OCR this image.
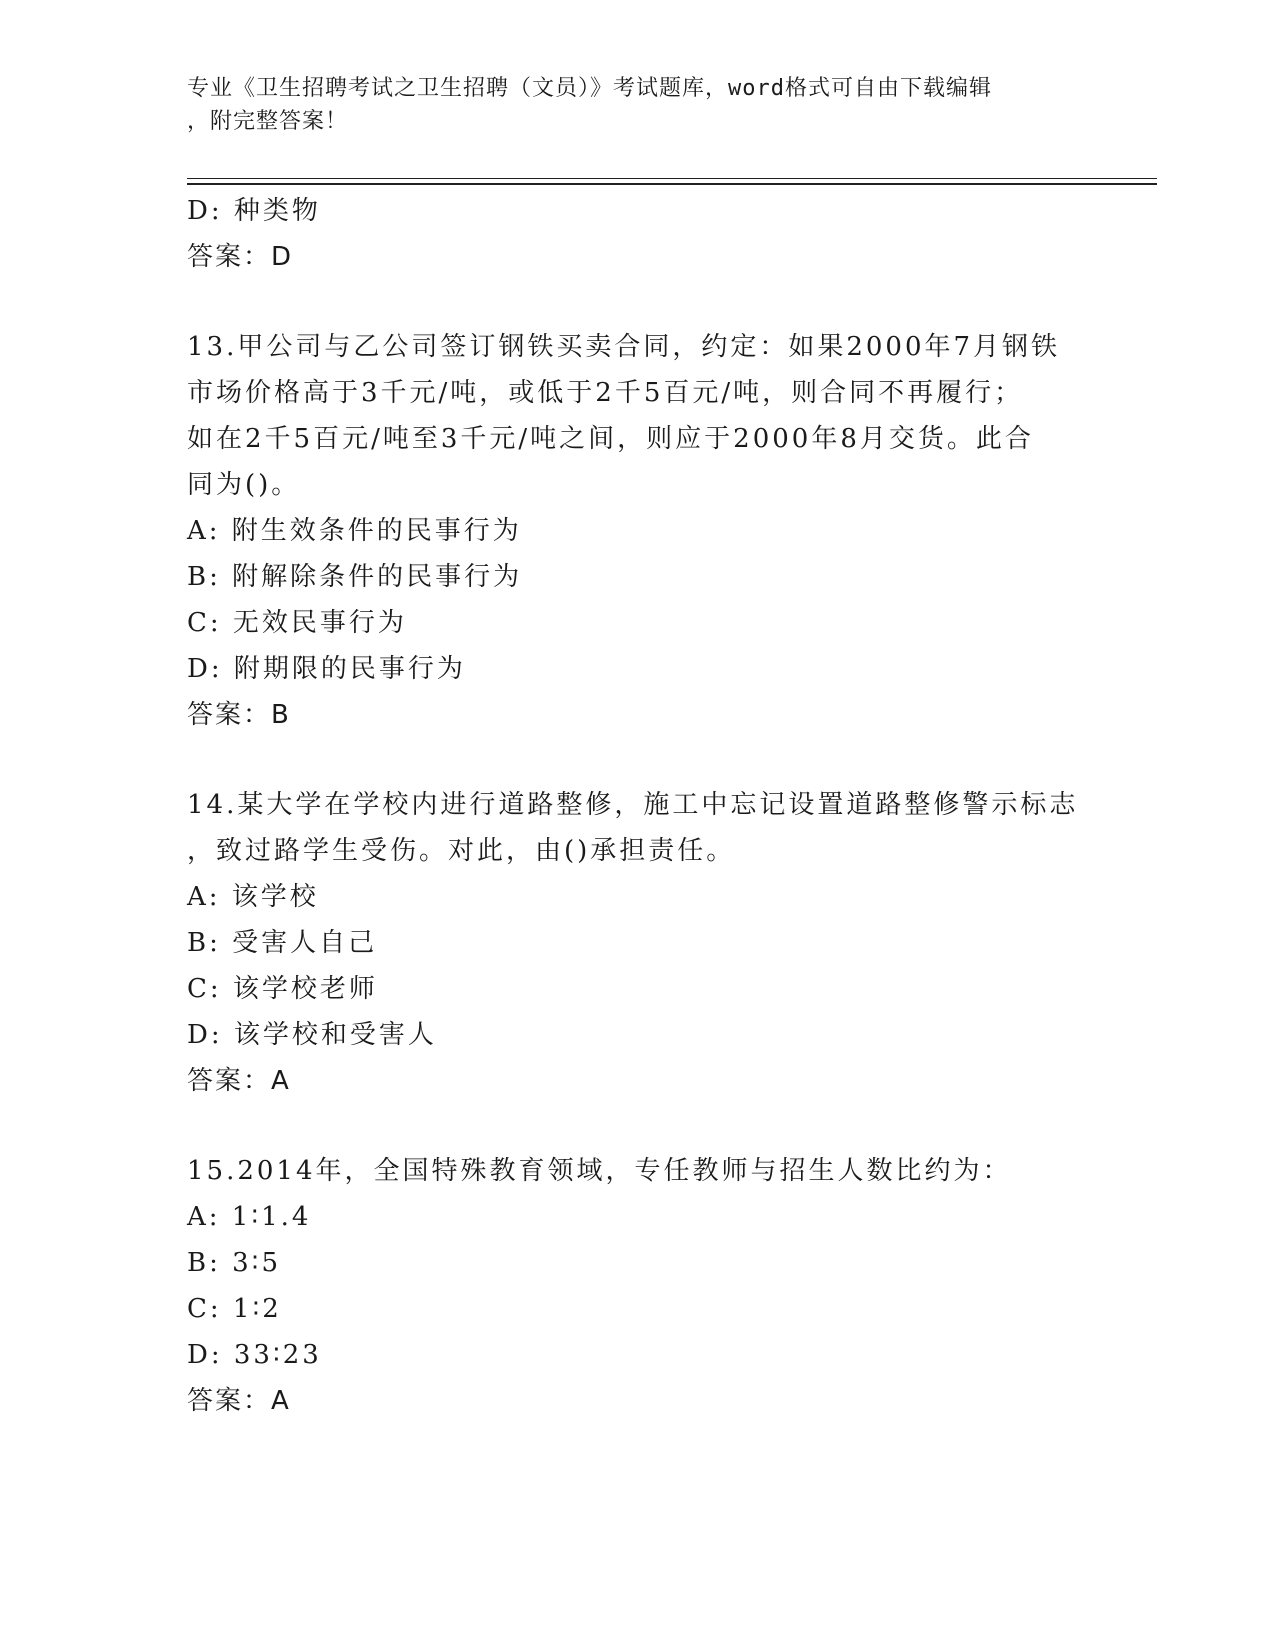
专业《卫生招聘考试之卫生招聘（文员）》考试题库，word格式可自由下载编辑
，附完整答案！
D: 种类物
答案：D
13.甲公司与乙公司签订钢铁买卖合同，约定：如果2000年7月钢铁
市场价格高于3千元/吨，或低于2千5百元/吨，则合同不再履行；
如在2千5百元/吨至3千元/吨之间，则应于2000年8月交货。此合
同为()。
A: 附生效条件的民事行为
B: 附解除条件的民事行为
C: 无效民事行为
D: 附期限的民事行为
答案：B
14.某大学在学校内进行道路整修，施工中忘记设置道路整修警示标志
，致过路学生受伤。对此，由()承担责任。
A: 该学校
B: 受害人自己
C: 该学校老师
D: 该学校和受害人
答案：A
15.2014年，全国特殊教育领域，专任教师与招生人数比约为：
A: 1∶1.4
B: 3∶5
C: 1∶2
D: 33∶23
答案：A
